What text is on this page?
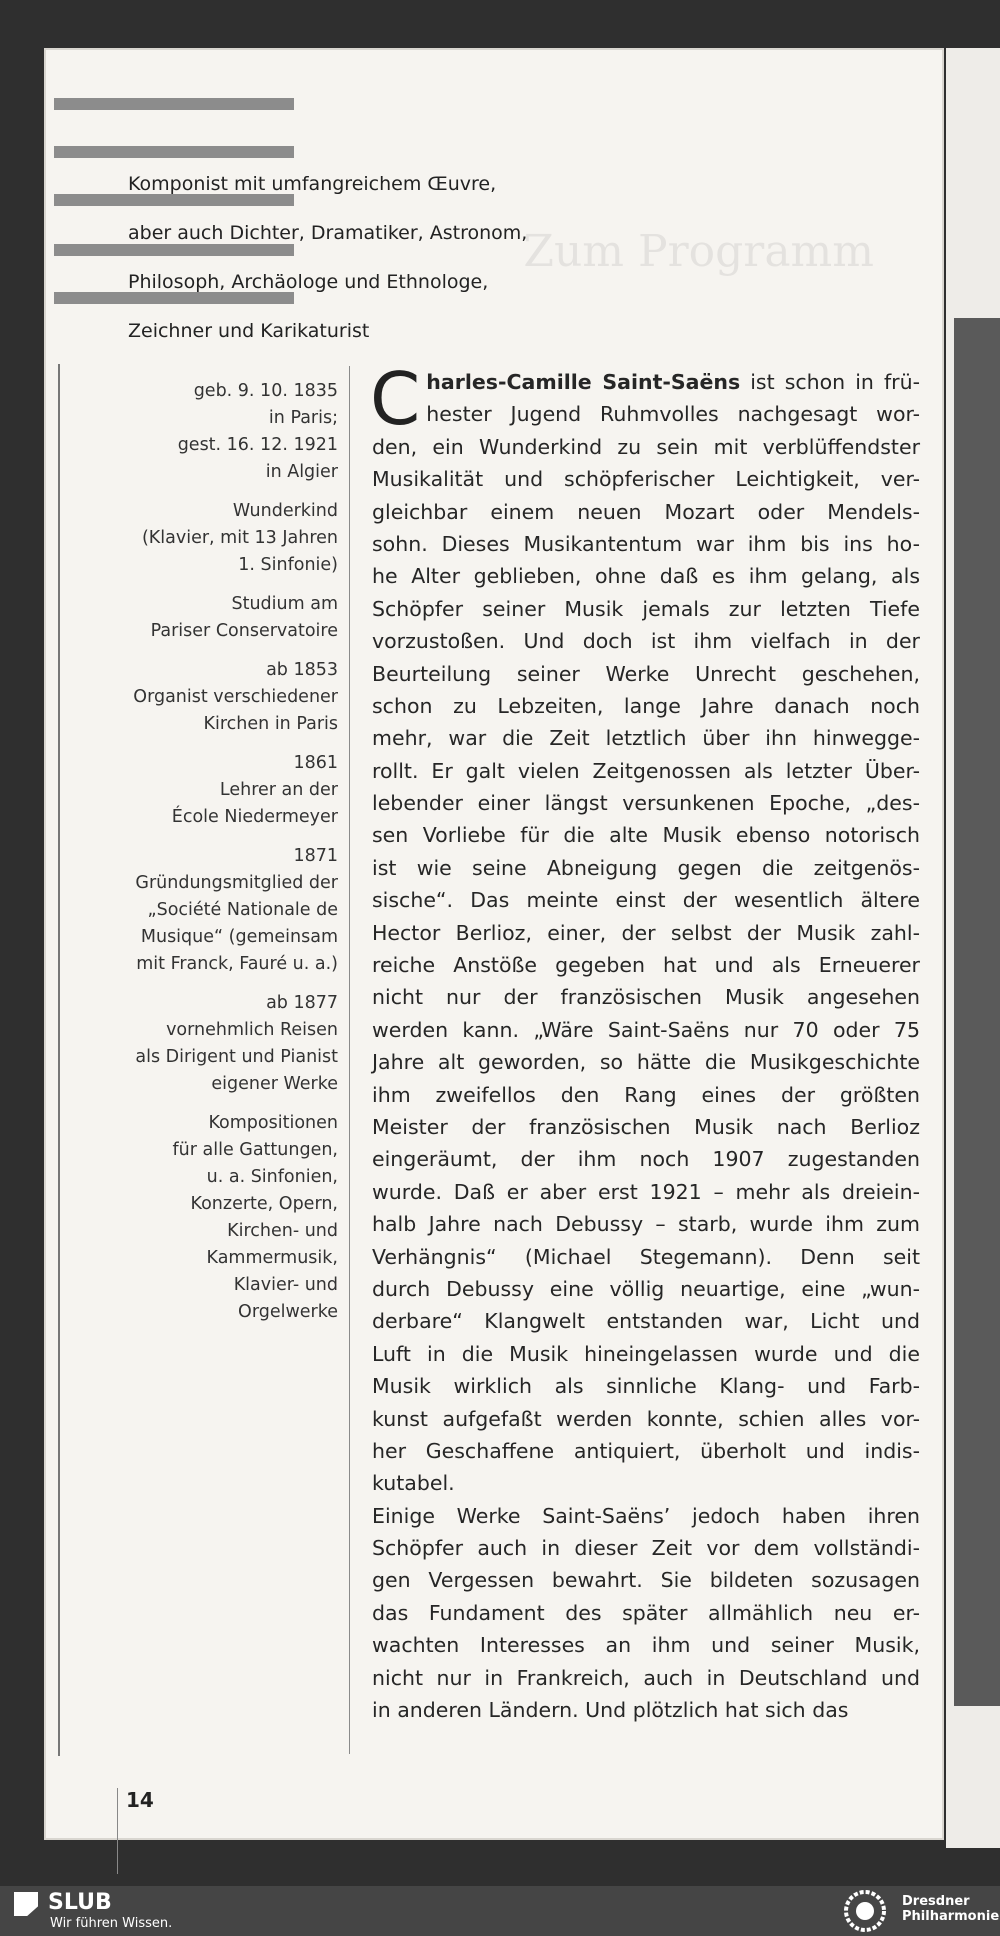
Zum Programm
Komponist mit umfangreichem Œuvre,
aber auch Dichter, Dramatiker, Astronom,
Philosoph, Archäologe und Ethnologe,
Zeichner und Karikaturist
geb. 9. 10. 1835
in Paris;
gest. 16. 12. 1921
in Algier
Wunderkind
(Klavier, mit 13 Jahren
1. Sinfonie)
Studium am
Pariser Conservatoire
ab 1853
Organist verschiedener
Kirchen in Paris
1861
Lehrer an der
École Niedermeyer
1871
Gründungsmitglied der
„Société Nationale de
Musique“ (gemeinsam
mit Franck, Fauré u. a.)
ab 1877
vornehmlich Reisen
als Dirigent und Pianist
eigener Werke
Kompositionen
für alle Gattungen,
u. a. Sinfonien,
Konzerte, Opern,
Kirchen- und
Kammermusik,
Klavier- und
Orgelwerke
C harles-Camille Saint-Saëns ist schon in frü-
hester Jugend Ruhmvolles nachgesagt wor-
den, ein Wunderkind zu sein mit verblüffendster
Musikalität und schöpferischer Leichtigkeit, ver-
gleichbar einem neuen Mozart oder Mendels-
sohn. Dieses Musikantentum war ihm bis ins ho-
he Alter geblieben, ohne daß es ihm gelang, als
Schöpfer seiner Musik jemals zur letzten Tiefe
vorzustoßen. Und doch ist ihm vielfach in der
Beurteilung seiner Werke Unrecht geschehen,
schon zu Lebzeiten, lange Jahre danach noch
mehr, war die Zeit letztlich über ihn hinwegge-
rollt. Er galt vielen Zeitgenossen als letzter Über-
lebender einer längst versunkenen Epoche, „des-
sen Vorliebe für die alte Musik ebenso notorisch
ist wie seine Abneigung gegen die zeitgenös-
sische“. Das meinte einst der wesentlich ältere
Hector Berlioz, einer, der selbst der Musik zahl-
reiche Anstöße gegeben hat und als Erneuerer
nicht nur der französischen Musik angesehen
werden kann. „Wäre Saint-Saëns nur 70 oder 75
Jahre alt geworden, so hätte die Musikgeschichte
ihm zweifellos den Rang eines der größten
Meister der französischen Musik nach Berlioz
eingeräumt, der ihm noch 1907 zugestanden
wurde. Daß er aber erst 1921 – mehr als dreiein-
halb Jahre nach Debussy – starb, wurde ihm zum
Verhängnis“ (Michael Stegemann). Denn seit
durch Debussy eine völlig neuartige, eine „wun-
derbare“ Klangwelt entstanden war, Licht und
Luft in die Musik hineingelassen wurde und die
Musik wirklich als sinnliche Klang- und Farb-
kunst aufgefaßt werden konnte, schien alles vor-
her Geschaffene antiquiert, überholt und indis-
kutabel.
Einige Werke Saint-Saëns’ jedoch haben ihren
Schöpfer auch in dieser Zeit vor dem vollständi-
gen Vergessen bewahrt. Sie bildeten sozusagen
das Fundament des später allmählich neu er-
wachten Interesses an ihm und seiner Musik,
nicht nur in Frankreich, auch in Deutschland und
in anderen Ländern. Und plötzlich hat sich das
14
SLUB
Wir führen Wissen.
Dresdner
Philharmonie
